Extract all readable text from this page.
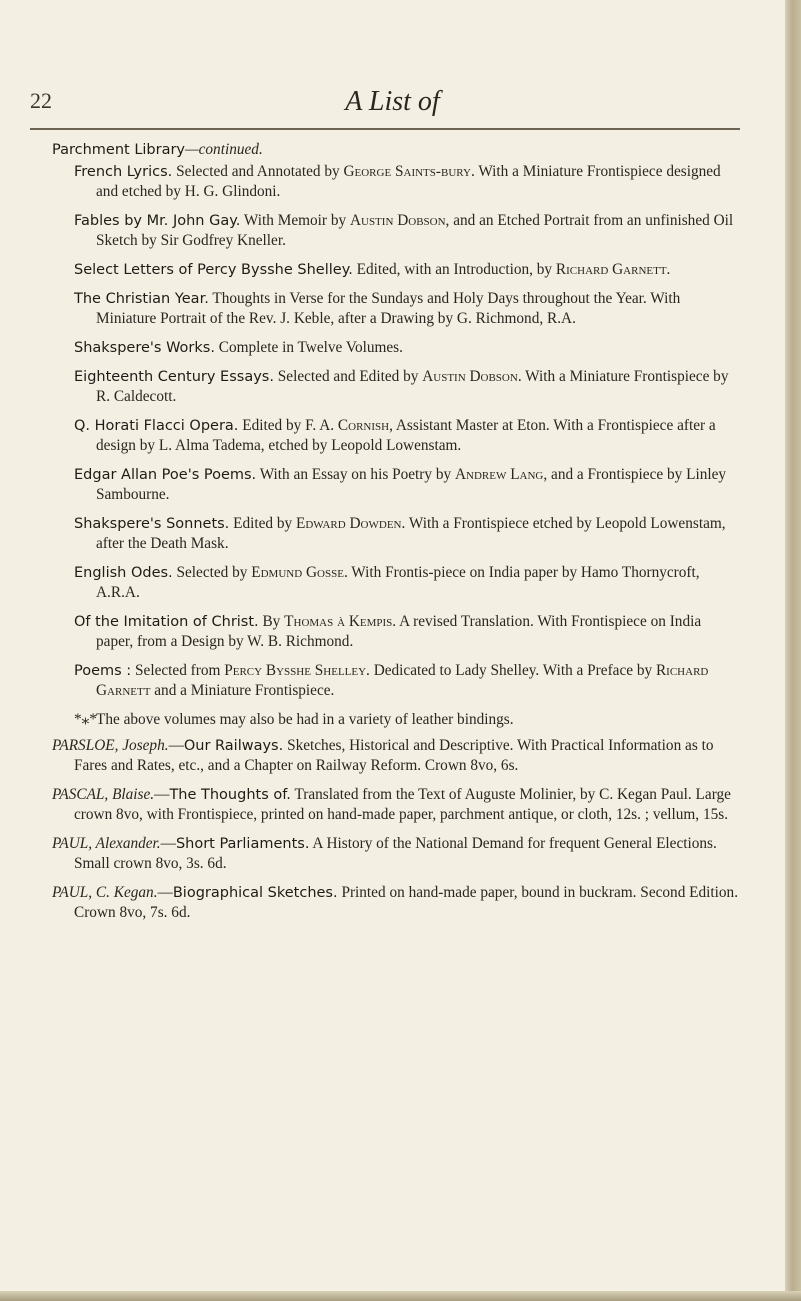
22	A List of
Parchment Library—continued.
French Lyrics. Selected and Annotated by George Saints-bury. With a Miniature Frontispiece designed and etched by H. G. Glindoni.
Fables by Mr. John Gay. With Memoir by Austin Dobson, and an Etched Portrait from an unfinished Oil Sketch by Sir Godfrey Kneller.
Select Letters of Percy Bysshe Shelley. Edited, with an Introduction, by Richard Garnett.
The Christian Year. Thoughts in Verse for the Sundays and Holy Days throughout the Year. With Miniature Portrait of the Rev. J. Keble, after a Drawing by G. Richmond, R.A.
Shakspere's Works. Complete in Twelve Volumes.
Eighteenth Century Essays. Selected and Edited by Austin Dobson. With a Miniature Frontispiece by R. Caldecott.
Q. Horati Flacci Opera. Edited by F. A. Cornish, Assistant Master at Eton. With a Frontispiece after a design by L. Alma Tadema, etched by Leopold Lowenstam.
Edgar Allan Poe's Poems. With an Essay on his Poetry by Andrew Lang, and a Frontispiece by Linley Sambourne.
Shakspere's Sonnets. Edited by Edward Dowden. With a Frontispiece etched by Leopold Lowenstam, after the Death Mask.
English Odes. Selected by Edmund Gosse. With Frontis-piece on India paper by Hamo Thornycroft, A.R.A.
Of the Imitation of Christ. By Thomas à Kempis. A revised Translation. With Frontispiece on India paper, from a Design by W. B. Richmond.
Poems : Selected from Percy Bysshe Shelley. Dedicated to Lady Shelley. With a Preface by Richard Garnett and a Miniature Frontispiece.
*⁎*The above volumes may also be had in a variety of leather bindings.
PARSLOE, Joseph.—Our Railways. Sketches, Historical and Descriptive. With Practical Information as to Fares and Rates, etc., and a Chapter on Railway Reform. Crown 8vo, 6s.
PASCAL, Blaise.—The Thoughts of. Translated from the Text of Auguste Molinier, by C. Kegan Paul. Large crown 8vo, with Frontispiece, printed on hand-made paper, parchment antique, or cloth, 12s. ; vellum, 15s.
PAUL, Alexander.—Short Parliaments. A History of the National Demand for frequent General Elections. Small crown 8vo, 3s. 6d.
PAUL, C. Kegan.—Biographical Sketches. Printed on hand-made paper, bound in buckram. Second Edition. Crown 8vo, 7s. 6d.
